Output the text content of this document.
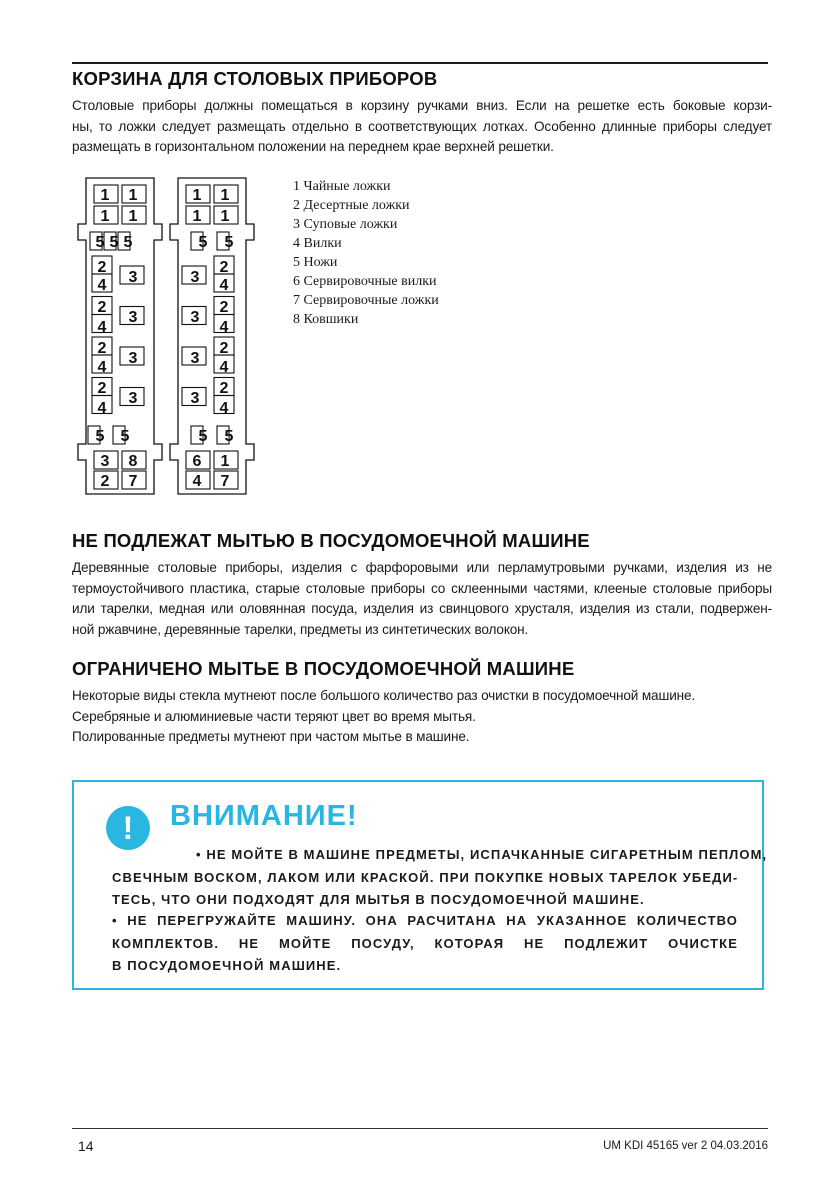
КОРЗИНА ДЛЯ СТОЛОВЫХ ПРИБОРОВ

Столовые приборы должны помещаться в корзину ручками вниз. Если на решетке есть боковые корзи-
ны, то ложки следует размещать отдельно в соответствующих лотках. Особенно длинные приборы следует
размещать в горизонтальном положении на переднем крае верхней решетки.

1 1
1 1
5 5 5
2
4 3
2
4
3
2
4
3
2
4
3
5 5
3 8
2 7
1 1
1 1
5 5
3
2
4
3
2
4
3
2
4
3
2
4
5 5
6 1
4 7
1 Чайные ложки
2 Десертные ложки
3 Суповые ложки
4 Вилки
5 Ножи
6 Сервировочные вилки
7 Сервировочные ложки
8 Ковшики
НЕ ПОДЛЕЖАТ МЫТЬЮ В ПОСУДОМОЕЧНОЙ МАШИНЕ

Деревянные столовые приборы, изделия с фарфоровыми или перламутровыми ручками, изделия из не
термоустойчивого пластика, старые столовые приборы со склеенными частями, клееные столовые приборы
или тарелки, медная или оловянная посуда, изделия из свинцового хрусталя, изделия из стали, подвержен-
ной ржавчине, деревянные тарелки, предметы из синтетических волокон.

ОГРАНИЧЕНО МЫТЬЕ В ПОСУДОМОЕЧНОЙ МАШИНЕ

Некоторые виды стекла мутнеют после большого количество раз очистки в посудомоечной машине.
Серебряные и алюминиевые части теряют цвет во время мытья.
Полированные предметы мутнеют при частом мытье в машине.

!	ВНИМАНИЕ!

• НЕ МОЙТЕ В МАШИНЕ ПРЕДМЕТЫ, ИСПАЧКАННЫЕ СИГАРЕТНЫМ ПЕПЛОМ,
СВЕЧНЫМ ВОСКОМ, ЛАКОМ ИЛИ КРАСКОЙ. ПРИ ПОКУПКЕ НОВЫХ ТАРЕЛОК УБЕДИ-
ТЕСЬ, ЧТО ОНИ ПОДХОДЯТ ДЛЯ МЫТЬЯ В ПОСУДОМОЕЧНОЙ МАШИНЕ.

• НЕ ПЕРЕГРУЖАЙТЕ МАШИНУ. ОНА РАСЧИТАНА НА УКАЗАННОЕ КОЛИЧЕСТВО
КОМПЛЕКТОВ. НЕ МОЙТЕ ПОСУДУ, КОТОРАЯ НЕ ПОДЛЕЖИТ ОЧИСТКЕ
В ПОСУДОМОЕЧНОЙ МАШИНЕ.

14	UM KDI 45165 ver 2 04.03.2016
